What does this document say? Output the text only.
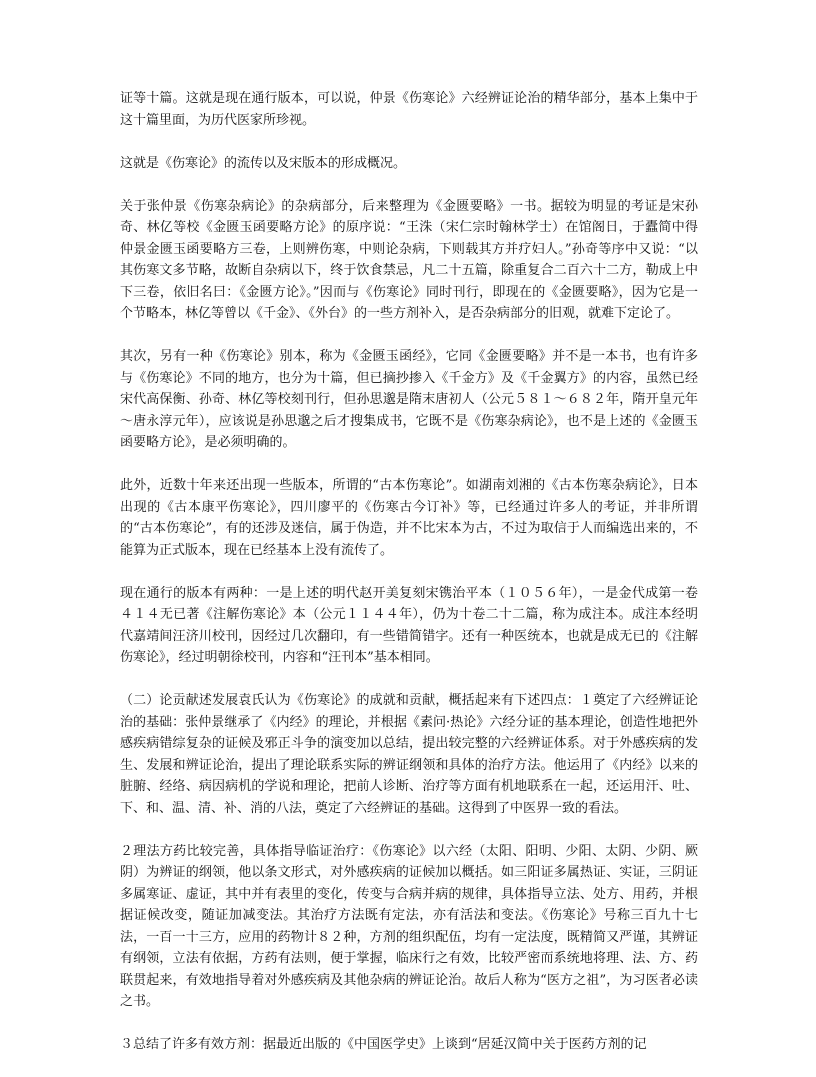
证等十篇。这就是现在通行版本，可以说，仲景《伤寒论》六经辨证论治的精华部分，基本上集中于这十篇里面，为历代医家所珍视。

这就是《伤寒论》的流传以及宋版本的形成概况。

关于张仲景《伤寒杂病论》的杂病部分，后来整理为《金匮要略》一书。据较为明显的考证是宋孙奇、林亿等校《金匮玉函要略方论》的原序说：“王洙（宋仁宗时翰林学士）在馆阁日，于蠹简中得仲景金匮玉函要略方三卷，上则辨伤寒，中则论杂病，下则载其方并疗妇人。”孙奇等序中又说：“以其伤寒文多节略，故断自杂病以下，终于饮食禁忌，凡二十五篇，除重复合二百六十二方，勒成上中下三卷，依旧名曰：《金匮方论》。”因而与《伤寒论》同时刊行，即现在的《金匮要略》，因为它是一个节略本，林亿等曾以《千金》、《外台》的一些方剂补入，是否杂病部分的旧观，就难下定论了。

其次，另有一种《伤寒论》别本，称为《金匮玉函经》，它同《金匮要略》并不是一本书，也有许多与《伤寒论》不同的地方，也分为十篇，但已摘抄掺入《千金方》及《千金翼方》的内容，虽然已经宋代高保衡、孙奇、林亿等校刻刊行，但孙思邈是隋末唐初人（公元５８１～６８２年，隋开皇元年～唐永淳元年），应该说是孙思邈之后才搜集成书，它既不是《伤寒杂病论》，也不是上述的《金匮玉函要略方论》，是必须明确的。

此外，近数十年来还出现一些版本，所谓的“古本伤寒论”。如湖南刘湘的《古本伤寒杂病论》，日本出现的《古本康平伤寒论》，四川廖平的《伤寒古今订补》等，已经通过许多人的考证，并非所谓的“古本伤寒论”，有的还涉及迷信，属于伪造，并不比宋本为古，不过为取信于人而编选出来的，不能算为正式版本，现在已经基本上没有流传了。

现在通行的版本有两种：一是上述的明代赵开美复刻宋镌治平本（１０５６年），一是金代成第一卷４１４无已著《注解伤寒论》本（公元１１４４年），仍为十卷二十二篇，称为成注本。成注本经明代嘉靖间汪济川校刊，因经过几次翻印，有一些错简错字。还有一种医统本，也就是成无已的《注解伤寒论》，经过明朝徐校刊，内容和“汪刊本”基本相同。

（二）论贡献述发展袁氏认为《伤寒论》的成就和贡献，概括起来有下述四点：１奠定了六经辨证论治的基础：张仲景继承了《内经》的理论，并根据《素问·热论》六经分证的基本理论，创造性地把外感疾病错综复杂的证候及邪正斗争的演变加以总结，提出较完整的六经辨证体系。对于外感疾病的发生、发展和辨证论治，提出了理论联系实际的辨证纲领和具体的治疗方法。他运用了《内经》以来的脏腑、经络、病因病机的学说和理论，把前人诊断、治疗等方面有机地联系在一起，还运用汗、吐、下、和、温、清、补、消的八法，奠定了六经辨证的基础。这得到了中医界一致的看法。

２理法方药比较完善，具体指导临证治疗：《伤寒论》以六经（太阳、阳明、少阳、太阴、少阴、厥阴）为辨证的纲领，他以条文形式，对外感疾病的证候加以概括。如三阳证多属热证、实证，三阴证多属寒证、虚证，其中并有表里的变化，传变与合病并病的规律，具体指导立法、处方、用药，并根据证候改变，随证加减变法。其治疗方法既有定法，亦有活法和变法。《伤寒论》号称三百九十七法，一百一十三方，应用的药物计８２种，方剂的组织配伍，均有一定法度，既精简又严谨，其辨证有纲领，立法有依据，方药有法则，便于掌握，临床行之有效，比较严密而系统地将理、法、方、药联贯起来，有效地指导着对外感疾病及其他杂病的辨证论治。故后人称为“医方之祖”，为习医者必读之书。

３总结了许多有效方剂：据最近出版的《中国医学史》上谈到“居延汉简中关于医药方剂的记
